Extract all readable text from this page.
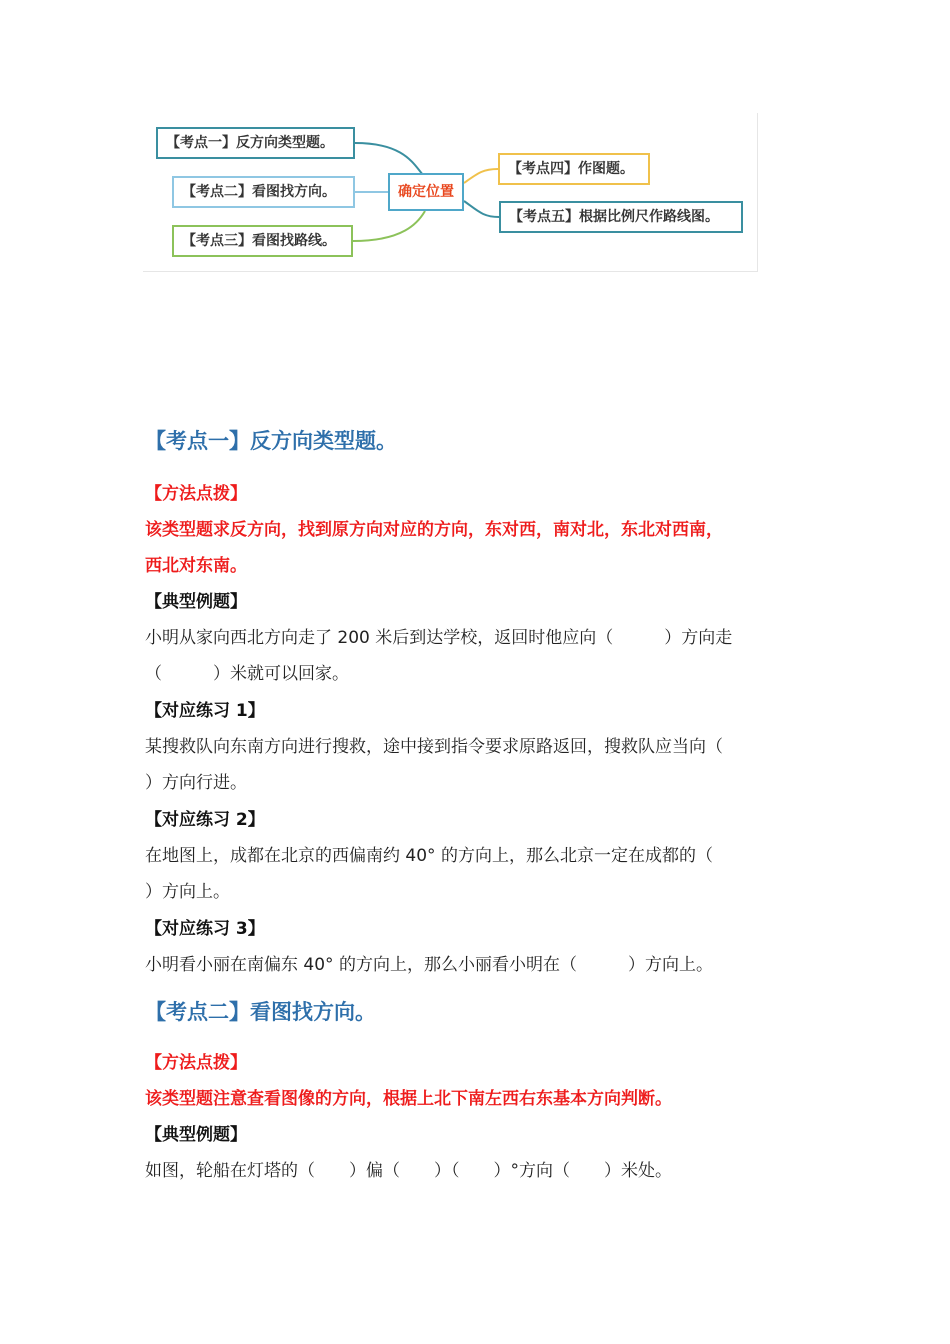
【考点一】反方向类型题。
【考点二】看图找方向。
【考点三】看图找路线。
确定位置
【考点四】作图题。
【考点五】根据比例尺作路线图。
【考点一】反方向类型题。

【方法点拨】

该类型题求反方向，找到原方向对应的方向，东对西，南对北，东北对西南，

西北对东南。

【典型例题】

小明从家向西北方向走了 200 米后到达学校，返回时他应向（　　　）方向走

（　　　）米就可以回家。

【对应练习 1】

某搜救队向东南方向进行搜救，途中接到指令要求原路返回，搜救队应当向（

）方向行进。

【对应练习 2】

在地图上，成都在北京的西偏南约 40° 的方向上，那么北京一定在成都的（

）方向上。

【对应练习 3】

小明看小丽在南偏东 40° 的方向上，那么小丽看小明在（　　　）方向上。

【考点二】看图找方向。

【方法点拨】

该类型题注意查看图像的方向，根据上北下南左西右东基本方向判断。

【典型例题】

如图，轮船在灯塔的（　　）偏（　　）（　　）°方向（　　）米处。
